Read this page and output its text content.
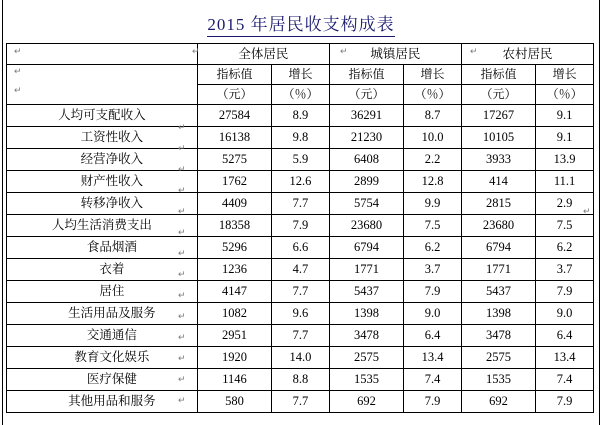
2015 年居民收支构成表
	全体居民		城镇居民		农村居民	
	指标值	增长	指标值	增长	指标值	增长
	（元）	（％）	（元）	（％）	（元）	（％）
人均可支配收入	27584	8.9	36291	8.7	17267	9.1
工资性收入	16138	9.8	21230	10.0	10105	9.1
经营净收入	5275	5.9	6408	2.2	3933	13.9
财产性收入	1762	12.6	2899	12.8	414	11.1
转移净收入	4409	7.7	5754	9.9	2815	2.9
人均生活消费支出	18358	7.9	23680	7.5	23680	7.5
食品烟酒	5296	6.6	6794	6.2	6794	6.2
衣着	1236	4.7	1771	3.7	1771	3.7
居住	4147	7.7	5437	7.9	5437	7.9
生活用品及服务	1082	9.6	1398	9.0	1398	9.0
交通通信	2951	7.7	3478	6.4	3478	6.4
教育文化娱乐	1920	14.0	2575	13.4	2575	13.4
医疗保健	1146	8.8	1535	7.4	1535	7.4
其他用品和服务	580	7.7	692	7.9	692	7.9
↵	↵	↵	↵
↵
↵
↵
↵
↵
↵
↵
↵
↵
↵
↵
↵
↵
↵
↵
↵
↵
